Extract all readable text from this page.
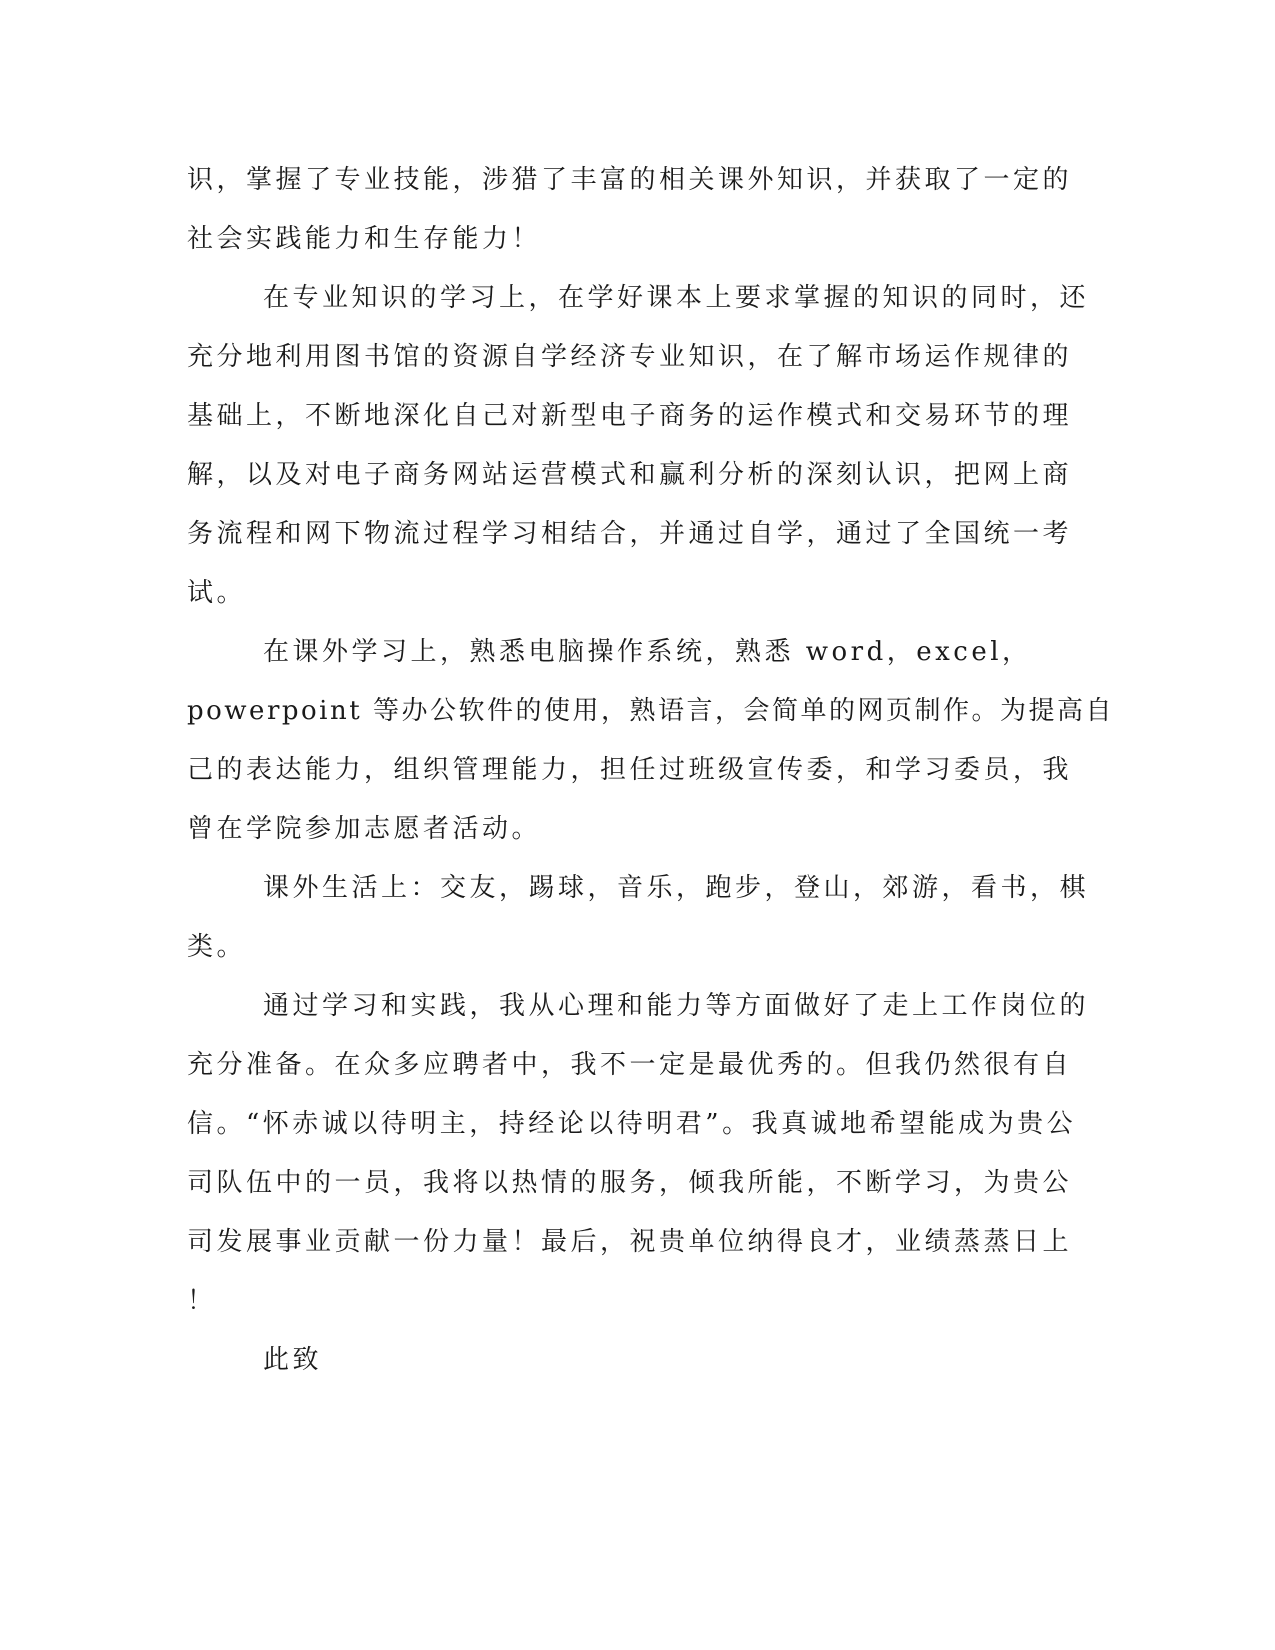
识，掌握了专业技能，涉猎了丰富的相关课外知识，并获取了一定的
社会实践能力和生存能力！
在专业知识的学习上，在学好课本上要求掌握的知识的同时，还
充分地利用图书馆的资源自学经济专业知识，在了解市场运作规律的
基础上，不断地深化自己对新型电子商务的运作模式和交易环节的理
解，以及对电子商务网站运营模式和赢利分析的深刻认识，把网上商
务流程和网下物流过程学习相结合，并通过自学，通过了全国统一考
试。
在课外学习上，熟悉电脑操作系统，熟悉 word，excel，
powerpoint 等办公软件的使用，熟语言，会简单的网页制作。为提高自
己的表达能力，组织管理能力，担任过班级宣传委，和学习委员，我
曾在学院参加志愿者活动。
课外生活上：交友，踢球，音乐，跑步，登山，郊游，看书，棋
类。
通过学习和实践，我从心理和能力等方面做好了走上工作岗位的
充分准备。在众多应聘者中，我不一定是最优秀的。但我仍然很有自
信。“怀赤诚以待明主，持经论以待明君”。我真诚地希望能成为贵公
司队伍中的一员，我将以热情的服务，倾我所能，不断学习，为贵公
司发展事业贡献一份力量！最后，祝贵单位纳得良才，业绩蒸蒸日上
！
此致
